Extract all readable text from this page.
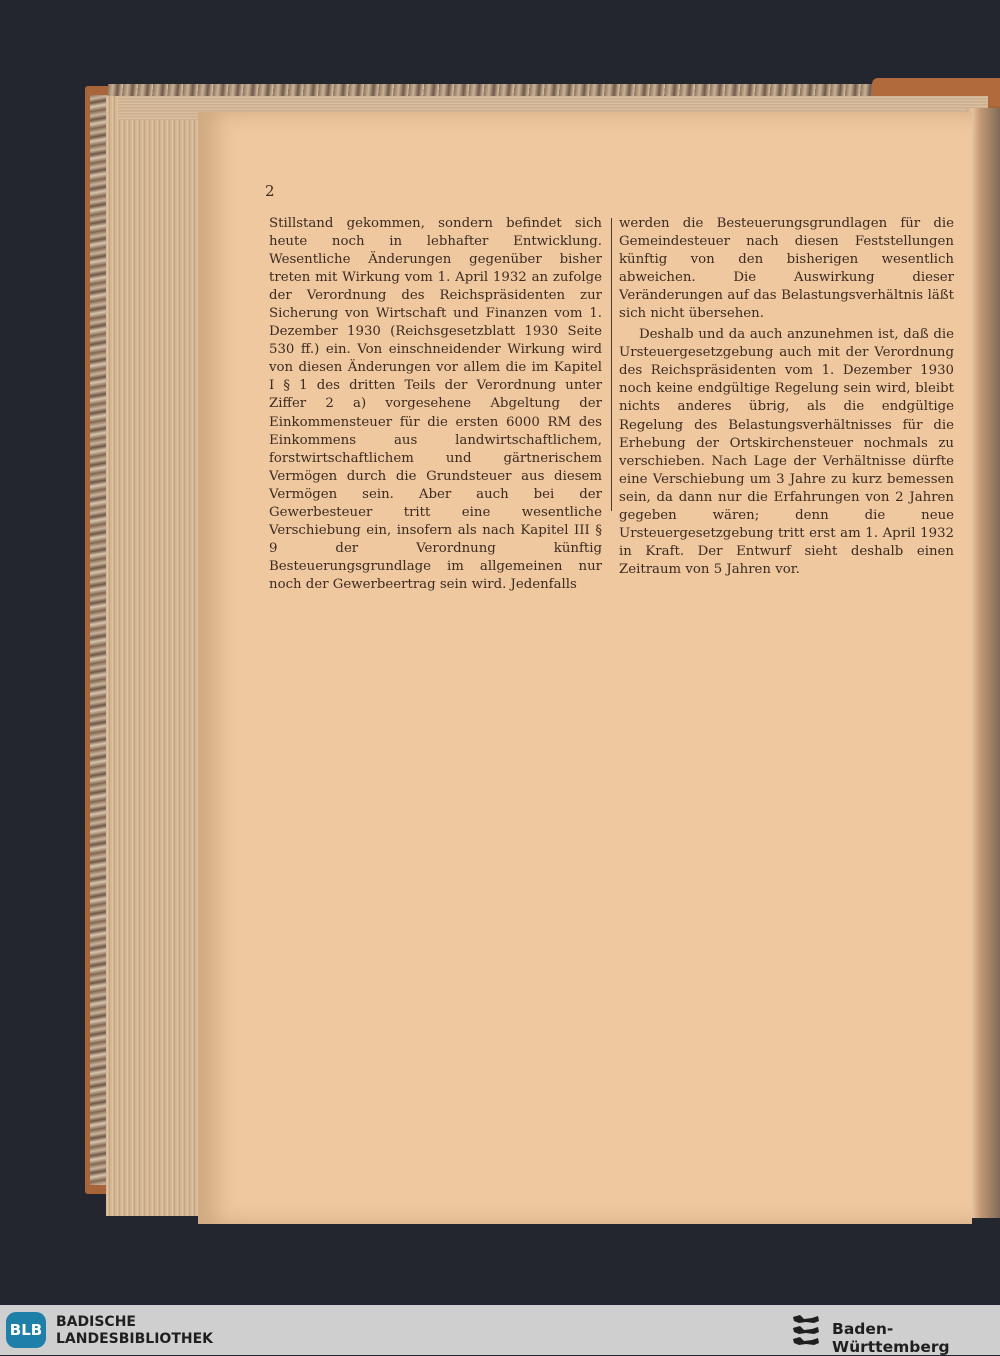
2

Stillstand gekommen, sondern befindet sich heute noch in lebhafter Entwicklung. Wesentliche Änderungen gegenüber bisher treten mit Wirkung vom 1. April 1932 an zufolge der Verordnung des Reichspräsidenten zur Sicherung von Wirtschaft und Finanzen vom 1. Dezember 1930 (Reichsgesetzblatt 1930 Seite 530 ff.) ein. Von einschneidender Wirkung wird von diesen Änderungen vor allem die im Kapitel I § 1 des dritten Teils der Verordnung unter Ziffer 2 a) vorgesehene Abgeltung der Einkommensteuer für die ersten 6000 RM des Einkommens aus landwirtschaftlichem, forstwirtschaftlichem und gärtnerischem Vermögen durch die Grundsteuer aus diesem Vermögen sein. Aber auch bei der Gewerbesteuer tritt eine wesentliche Verschiebung ein, insofern als nach Kapitel III § 9 der Verordnung künftig Besteuerungsgrundlage im allgemeinen nur noch der Gewerbeertrag sein wird. Jedenfalls

werden die Besteuerungsgrundlagen für die Gemeindesteuer nach diesen Feststellungen künftig von den bisherigen wesentlich abweichen. Die Auswirkung dieser Veränderungen auf das Belastungsverhältnis läßt sich nicht übersehen.

Deshalb und da auch anzunehmen ist, daß die Ursteuergesetzgebung auch mit der Verordnung des Reichspräsidenten vom 1. Dezember 1930 noch keine endgültige Regelung sein wird, bleibt nichts anderes übrig, als die endgültige Regelung des Belastungsverhältnisses für die Erhebung der Ortskirchensteuer nochmals zu verschieben. Nach Lage der Verhältnisse dürfte eine Verschiebung um 3 Jahre zu kurz bemessen sein, da dann nur die Erfahrungen von 2 Jahren gegeben wären; denn die neue Ursteuergesetzgebung tritt erst am 1. April 1932 in Kraft. Der Entwurf sieht deshalb einen Zeitraum von 5 Jahren vor.

BLB BADISCHE
LANDESBIBLIOTHEK
Baden-Württemberg
